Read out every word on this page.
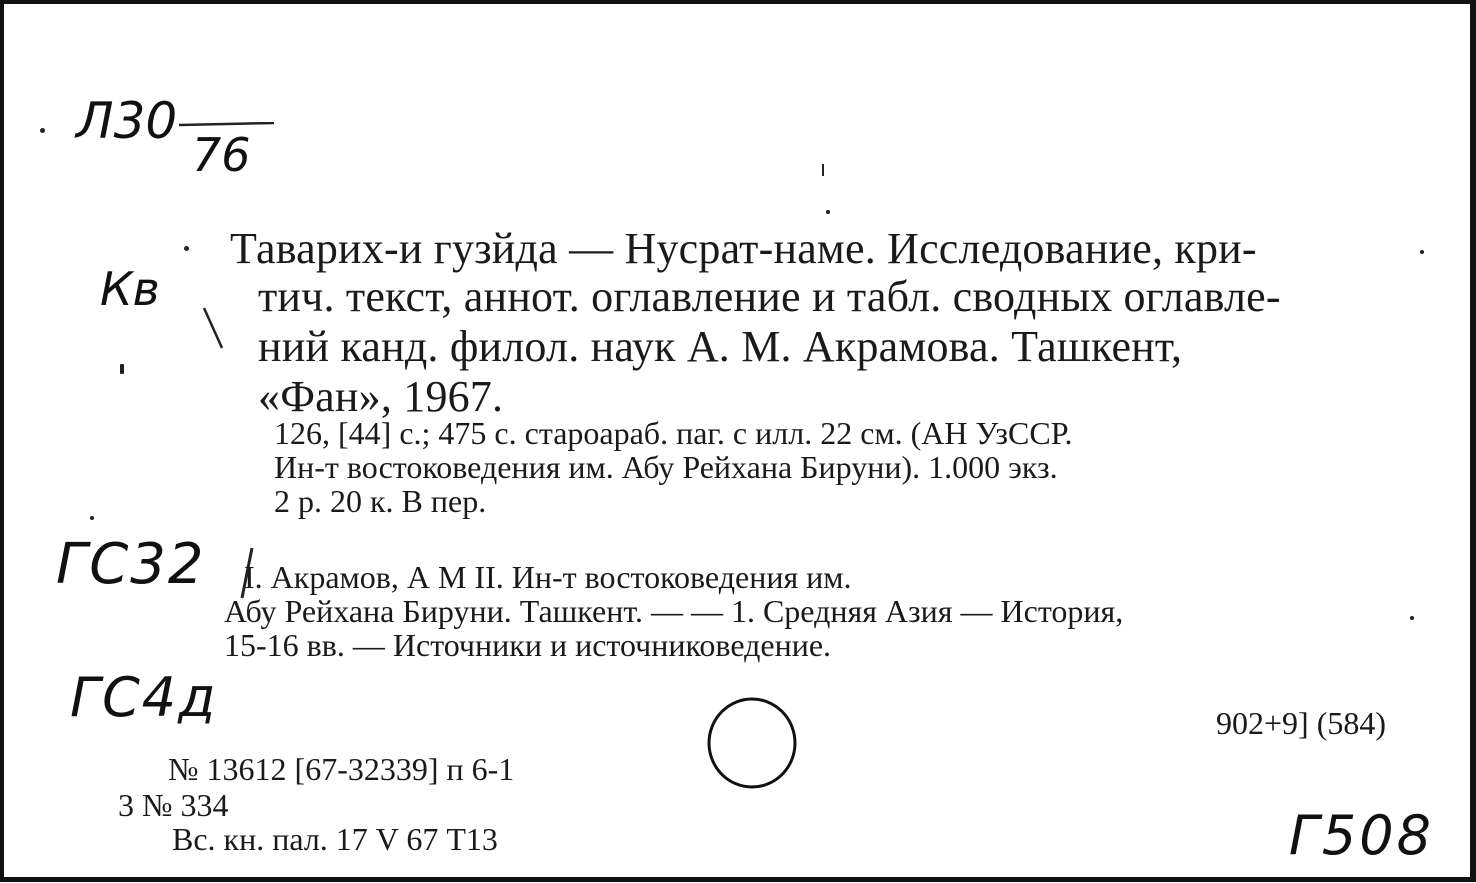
Л30
76
Кв
Таварих-и гузйда — Нусрат-наме. Исследование, кри-
тич. текст, аннот. оглавление и табл. сводных оглавле-
ний канд. филол. наук А. М. Акрамова. Ташкент,
«Фан», 1967.
126, [44] с.; 475 с. староараб. паг. с илл. 22 см. (АН УзССР.
Ин-т востоковедения им. Абу Рейхана Бируни). 1.000 экз.
2 р. 20 к. В пер.
ГС32 I. Акрамов, А М II. Ин-т востоковедения им.
Абу Рейхана Бируни. Ташкент. — — 1. Средняя Азия — История,
15-16 вв. — Источники и источниковедение.
ГС4д	902+9] (584)
№ 13612 [67-32339] п 6-1
3 № 334
Вс. кн. пал. 17 V 67 Т13	Г508
